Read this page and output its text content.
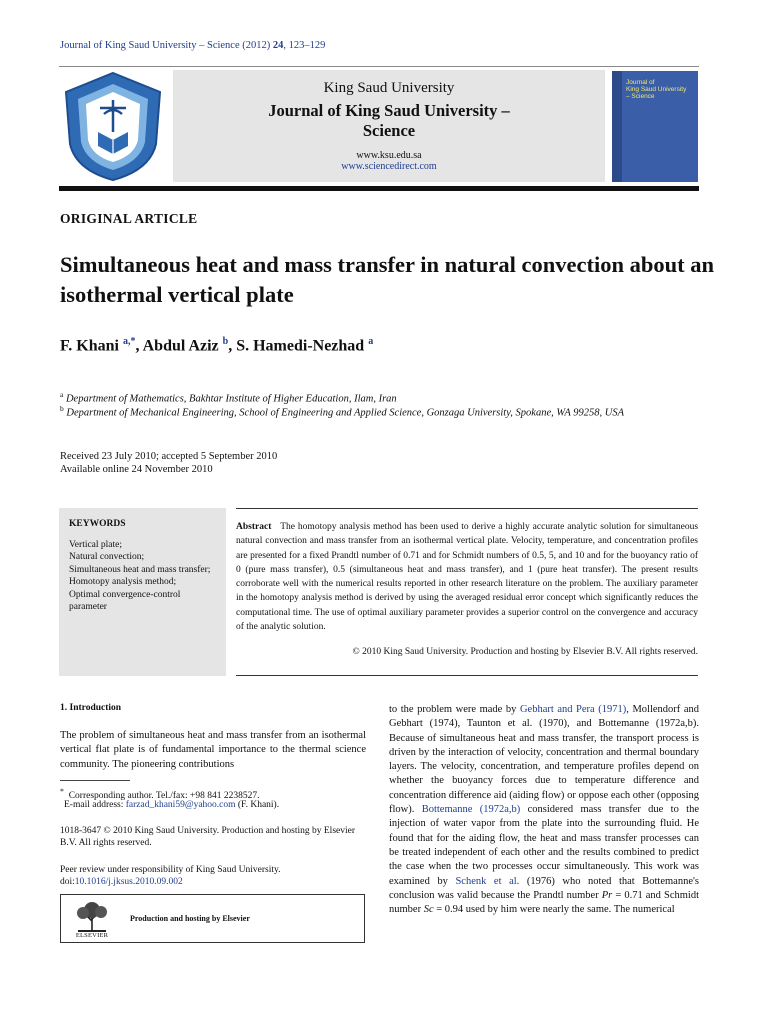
Journal of King Saud University – Science (2012) 24, 123–129
King Saud University
Journal of King Saud University –
Science
www.ksu.edu.sa
www.sciencedirect.com
Journal of
King Saud University
– Science
ORIGINAL ARTICLE
Simultaneous heat and mass transfer in natural convection about an isothermal vertical plate
F. Khani $^{a,*}$, Abdul Aziz $^b$, S. Hamedi-Nezhad $^a$
$^a$ Department of Mathematics, Bakhtar Institute of Higher Education, Ilam, Iran
$^b$ Department of Mechanical Engineering, School of Engineering and Applied Science, Gonzaga University, Spokane, WA 99258, USA
Received 23 July 2010; accepted 5 September 2010
Available online 24 November 2010
KEYWORDS
Vertical plate;
Natural convection;
Simultaneous heat and mass transfer;
Homotopy analysis method;
Optimal convergence-control parameter
Abstract The homotopy analysis method has been used to derive a highly accurate analytic solution for simultaneous natural convection and mass transfer from an isothermal vertical plate. Velocity, temperature, and concentration profiles are presented for a fixed Prandtl number of 0.71 and for Schmidt numbers of 0.5, 5, and 10 and for the buoyancy ratio of 0 (pure mass transfer), 0.5 (simultaneous heat and mass transfer), and 1 (pure heat transfer). The present results corroborate well with the numerical results reported in other research literature on the problem. The auxiliary parameter in the homotopy analysis method is derived by using the averaged residual error concept which significantly reduces the computational time. The use of optimal auxiliary parameter provides a superior control on the convergence and accuracy of the analytic solution.
© 2010 King Saud University. Production and hosting by Elsevier B.V. All rights reserved.
1. Introduction
The problem of simultaneous heat and mass transfer from an isothermal vertical flat plate is of fundamental importance to the thermal science community. The pioneering contributions
* Corresponding author. Tel./fax: +98 841 2238527.
E-mail address: farzad_khani59@yahoo.com (F. Khani).
1018-3647 © 2010 King Saud University. Production and hosting by Elsevier B.V. All rights reserved.
Peer review under responsibility of King Saud University.
doi:10.1016/j.jksus.2010.09.002
ELSEVIER
Production and hosting by Elsevier
to the problem were made by Gebhart and Pera (1971), Mollendorf and Gebhart (1974), Taunton et al. (1970), and Bottemanne (1972a,b). Because of simultaneous heat and mass transfer, the transport process is driven by the interaction of velocity, concentration and thermal boundary layers. The velocity, concentration, and temperature profiles depend on whether the buoyancy forces due to temperature difference and concentration difference aid (aiding flow) or oppose each other (opposing flow). Bottemanne (1972a,b) considered mass transfer due to the injection of water vapor from the plate into the surrounding fluid. He found that for the aiding flow, the heat and mass transfer processes can be treated independent of each other and the results combined to predict the case when the two processes occur simultaneously. This work was examined by Schenk et al. (1976) who noted that Bottemanne's conclusion was valid because the Prandtl number Pr = 0.71 and Schmidt number Sc = 0.94 used by him were nearly the same. The numerical
